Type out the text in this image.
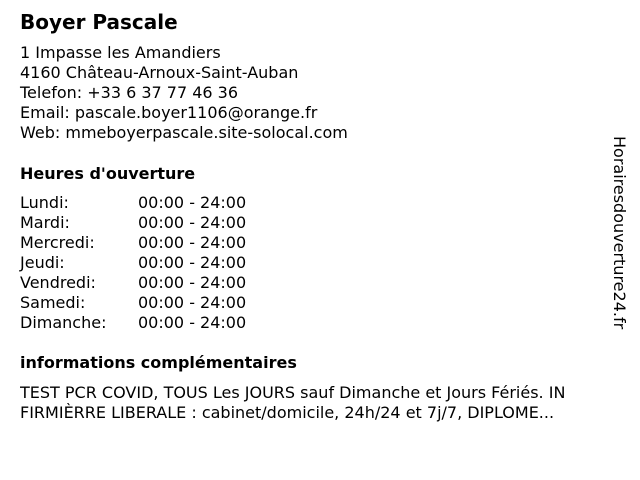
Boyer Pascale
1 Impasse les Amandiers
4160 Château-Arnoux-Saint-Auban
Telefon: +33 6 37 77 46 36
Email: pascale.boyer1106@orange.fr
Web: mmeboyerpascale.site-solocal.com
Heures d'ouverture
Lundi:	00:00 - 24:00
Mardi:	00:00 - 24:00
Mercredi:	00:00 - 24:00
Jeudi:	00:00 - 24:00
Vendredi:	00:00 - 24:00
Samedi:	00:00 - 24:00
Dimanche: 00:00 - 24:00
informations complémentaires
TEST PCR COVID, TOUS Les JOURS sauf Dimanche et Jours Fériés. IN
FIRMIÈRRE LIBERALE : cabinet/domicile, 24h/24 et 7j/7, DIPLOME...
Horairesdouverture24.fr
